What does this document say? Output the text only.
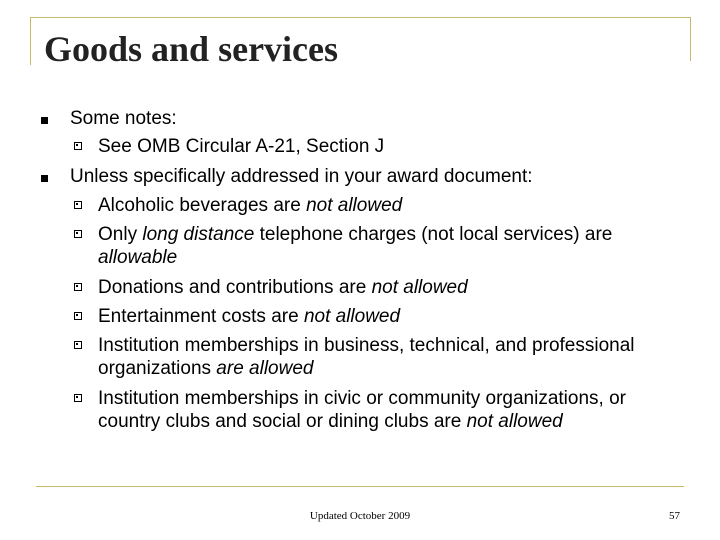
Goods and services
Some notes:
See OMB Circular A-21, Section J
Unless specifically addressed in your award document:
Alcoholic beverages are not allowed
Only long distance telephone charges (not local services) are allowable
Donations and contributions are not allowed
Entertainment costs are not allowed
Institution memberships in business, technical, and professional organizations are allowed
Institution memberships in civic or community organizations, or country clubs and social or dining clubs are not allowed
Updated October 2009	57
